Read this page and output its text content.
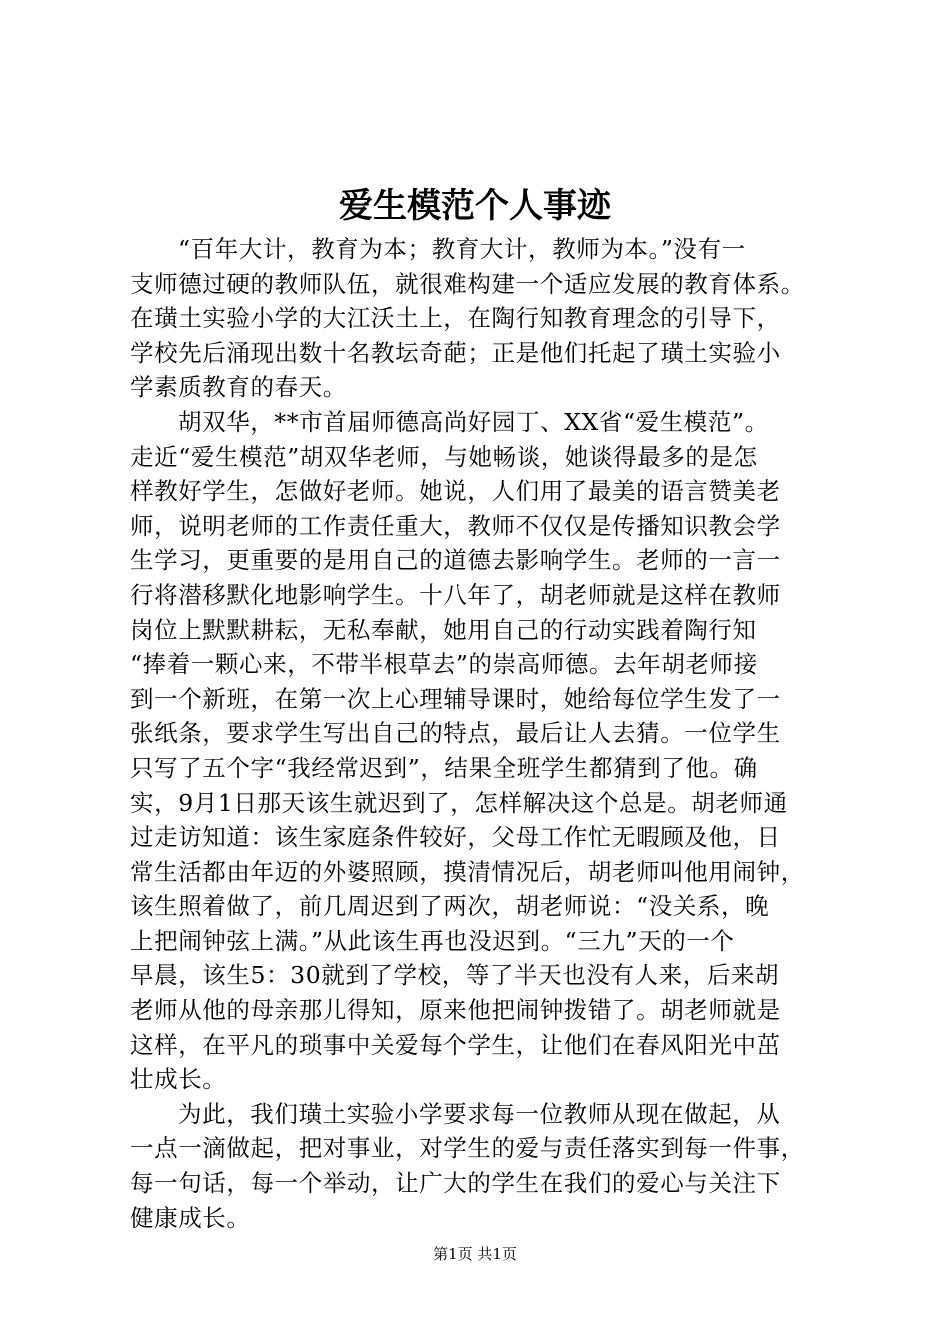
爱生模范个人事迹
“百年大计，教育为本；教育大计，教师为本。”没有一
支师德过硬的教师队伍，就很难构建一个适应发展的教育体系。
在璜土实验小学的大江沃土上，在陶行知教育理念的引导下，
学校先后涌现出数十名教坛奇葩；正是他们托起了璜土实验小
学素质教育的春天。
胡双华，**市首届师德高尚好园丁、XX省“爱生模范”。
走近“爱生模范”胡双华老师，与她畅谈，她谈得最多的是怎
样教好学生，怎做好老师。她说，人们用了最美的语言赞美老
师，说明老师的工作责任重大，教师不仅仅是传播知识教会学
生学习，更重要的是用自己的道德去影响学生。老师的一言一
行将潜移默化地影响学生。十八年了，胡老师就是这样在教师
岗位上默默耕耘，无私奉献，她用自己的行动实践着陶行知
“捧着一颗心来，不带半根草去”的崇高师德。去年胡老师接
到一个新班，在第一次上心理辅导课时，她给每位学生发了一
张纸条，要求学生写出自己的特点，最后让人去猜。一位学生
只写了五个字“我经常迟到”，结果全班学生都猜到了他。确
实，9月1日那天该生就迟到了，怎样解决这个总是。胡老师通
过走访知道：该生家庭条件较好，父母工作忙无暇顾及他，日
常生活都由年迈的外婆照顾，摸清情况后，胡老师叫他用闹钟，
该生照着做了，前几周迟到了两次，胡老师说：“没关系，晚
上把闹钟弦上满。”从此该生再也没迟到。“三九”天的一个
早晨，该生5：30就到了学校，等了半天也没有人来，后来胡
老师从他的母亲那儿得知，原来他把闹钟拨错了。胡老师就是
这样，在平凡的琐事中关爱每个学生，让他们在春风阳光中茁
壮成长。
为此，我们璜土实验小学要求每一位教师从现在做起，从
一点一滴做起，把对事业，对学生的爱与责任落实到每一件事，
每一句话，每一个举动，让广大的学生在我们的爱心与关注下
健康成长。
第1页 共1页
